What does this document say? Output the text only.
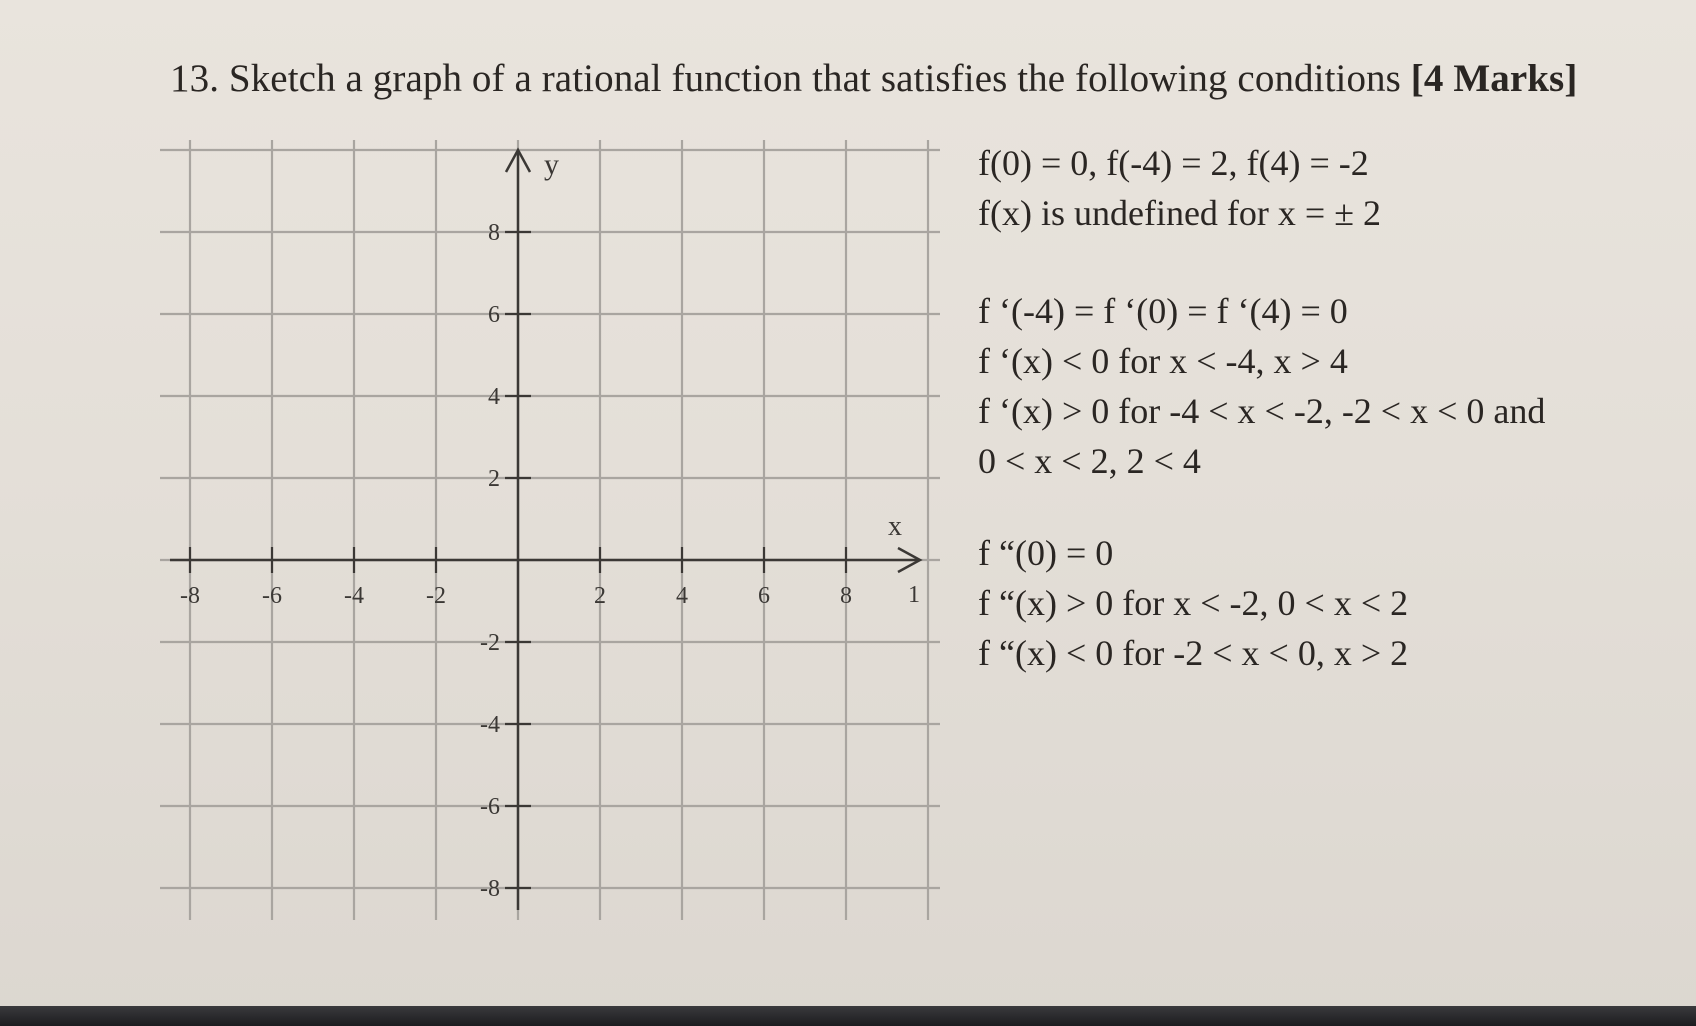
13. Sketch a graph of a rational function that satisfies the following conditions [4 Marks]
-8	-6	-4	-2	2	4	6	8
8
6
4
2
-2
-4
-6
-8
y
x
1
f(0) = 0, f(-4) = 2, f(4) = -2
f(x) is undefined for x = ± 2
f ‘(-4) = f ‘(0) = f ‘(4) = 0
f ‘(x) < 0 for x < -4, x > 4
f ‘(x) > 0 for -4 < x < -2, -2 < x < 0 and
0 < x < 2, 2 < 4
f “(0) = 0
f “(x) > 0 for x < -2, 0 < x < 2
f “(x) < 0 for -2 < x < 0, x > 2
